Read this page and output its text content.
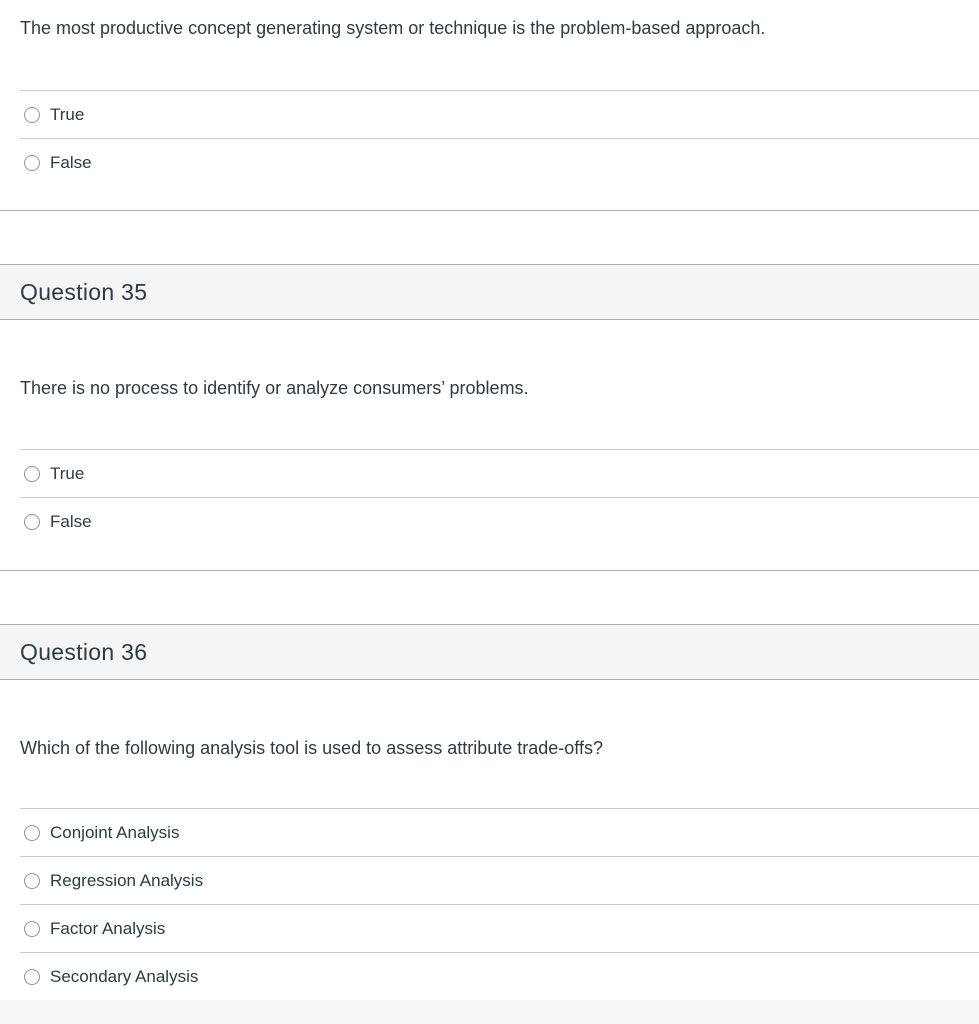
The most productive concept generating system or technique is the problem-based approach.
True
False
Question 35
There is no process to identify or analyze consumers’ problems.
True
False
Question 36
Which of the following analysis tool is used to assess attribute trade-offs?
Conjoint Analysis
Regression Analysis
Factor Analysis
Secondary Analysis
